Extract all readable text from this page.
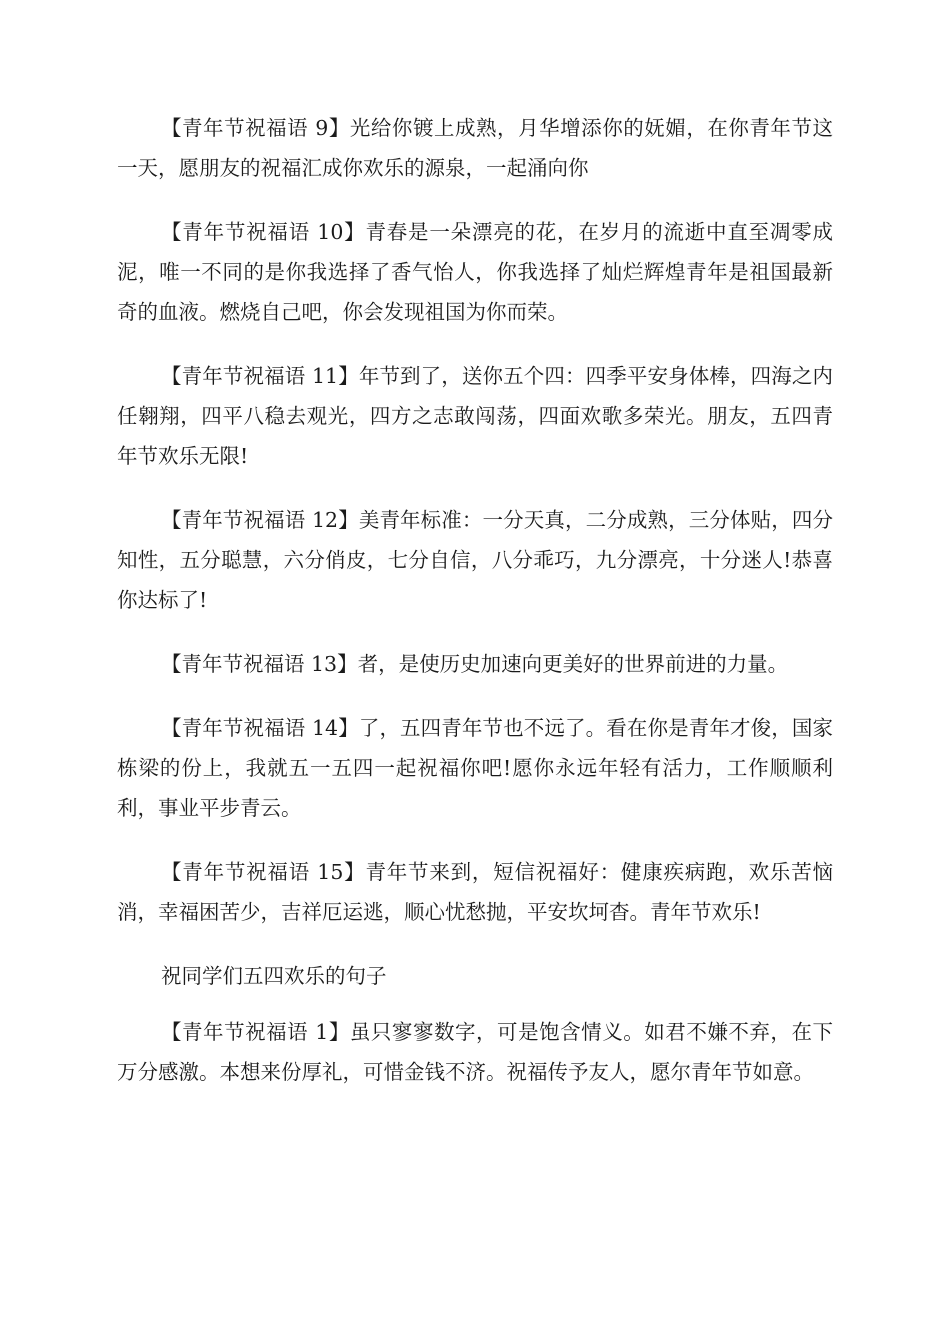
【青年节祝福语 9】光给你镀上成熟，月华增添你的妩媚，在你青年节这一天，愿朋友的祝福汇成你欢乐的源泉，一起涌向你

【青年节祝福语 10】青春是一朵漂亮的花，在岁月的流逝中直至凋零成泥，唯一不同的是你我选择了香气怡人，你我选择了灿烂辉煌青年是祖国最新奇的血液。燃烧自己吧，你会发现祖国为你而荣。

【青年节祝福语 11】年节到了，送你五个四：四季平安身体棒，四海之内任翱翔，四平八稳去观光，四方之志敢闯荡，四面欢歌多荣光。朋友，五四青年节欢乐无限!

【青年节祝福语 12】美青年标准：一分天真，二分成熟，三分体贴，四分知性，五分聪慧，六分俏皮，七分自信，八分乖巧，九分漂亮，十分迷人!恭喜你达标了!

【青年节祝福语 13】者，是使历史加速向更美好的世界前进的力量。

【青年节祝福语 14】了，五四青年节也不远了。看在你是青年才俊，国家栋梁的份上，我就五一五四一起祝福你吧!愿你永远年轻有活力，工作顺顺利利，事业平步青云。

【青年节祝福语 15】青年节来到，短信祝福好：健康疾病跑，欢乐苦恼消，幸福困苦少，吉祥厄运逃，顺心忧愁抛，平安坎坷杳。青年节欢乐!

祝同学们五四欢乐的句子

【青年节祝福语 1】虽只寥寥数字，可是饱含情义。如君不嫌不弃，在下万分感激。本想来份厚礼，可惜金钱不济。祝福传予友人，愿尔青年节如意。
